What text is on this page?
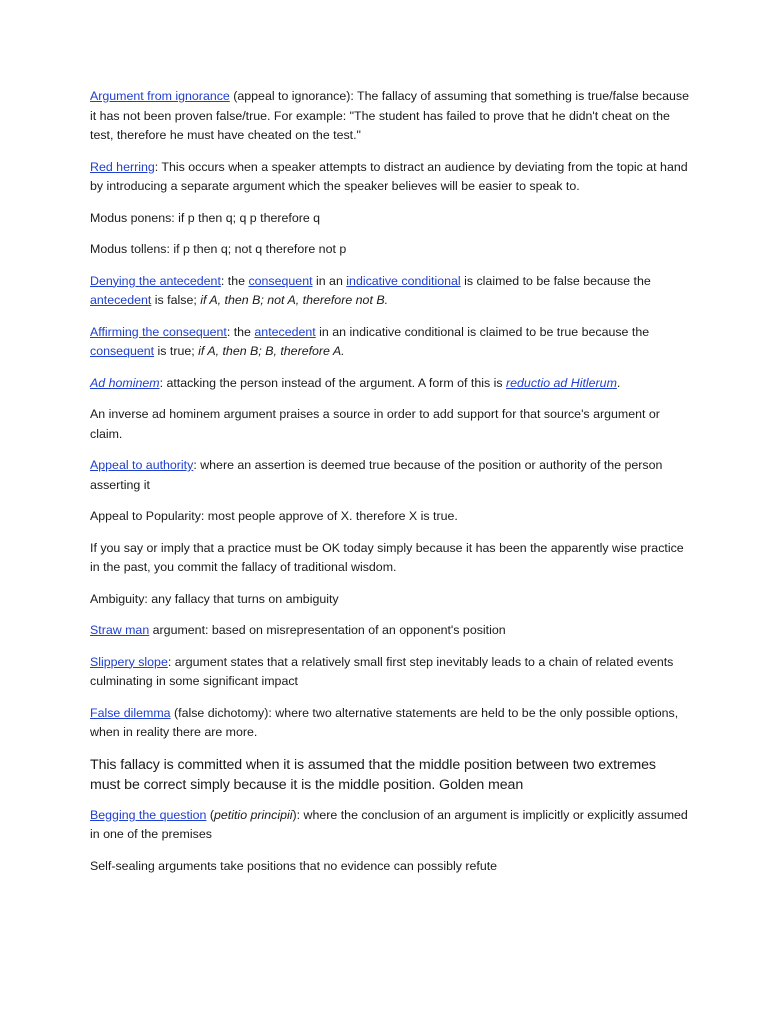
Argument from ignorance (appeal to ignorance): The fallacy of assuming that something is true/false because it has not been proven false/true. For example: "The student has failed to prove that he didn't cheat on the test, therefore he must have cheated on the test."

Red herring: This occurs when a speaker attempts to distract an audience by deviating from the topic at hand by introducing a separate argument which the speaker believes will be easier to speak to.

Modus ponens: if p then q; q p therefore q

Modus tollens: if p then q; not q therefore not p

Denying the antecedent: the consequent in an indicative conditional is claimed to be false because the antecedent is false; if A, then B; not A, therefore not B.

Affirming the consequent: the antecedent in an indicative conditional is claimed to be true because the consequent is true; if A, then B; B, therefore A.

Ad hominem: attacking the person instead of the argument. A form of this is reductio ad Hitlerum.

An inverse ad hominem argument praises a source in order to add support for that source's argument or claim.

Appeal to authority: where an assertion is deemed true because of the position or authority of the person asserting it

Appeal to Popularity: most people approve of X. therefore X is true.

If you say or imply that a practice must be OK today simply because it has been the apparently wise practice in the past, you commit the fallacy of traditional wisdom.

Ambiguity: any fallacy that turns on ambiguity

Straw man argument: based on misrepresentation of an opponent's position

Slippery slope: argument states that a relatively small first step inevitably leads to a chain of related events culminating in some significant impact

False dilemma (false dichotomy): where two alternative statements are held to be the only possible options, when in reality there are more.

This fallacy is committed when it is assumed that the middle position between two extremes must be correct simply because it is the middle position. Golden mean

Begging the question (petitio principii): where the conclusion of an argument is implicitly or explicitly assumed in one of the premises

Self-sealing arguments take positions that no evidence can possibly refute
